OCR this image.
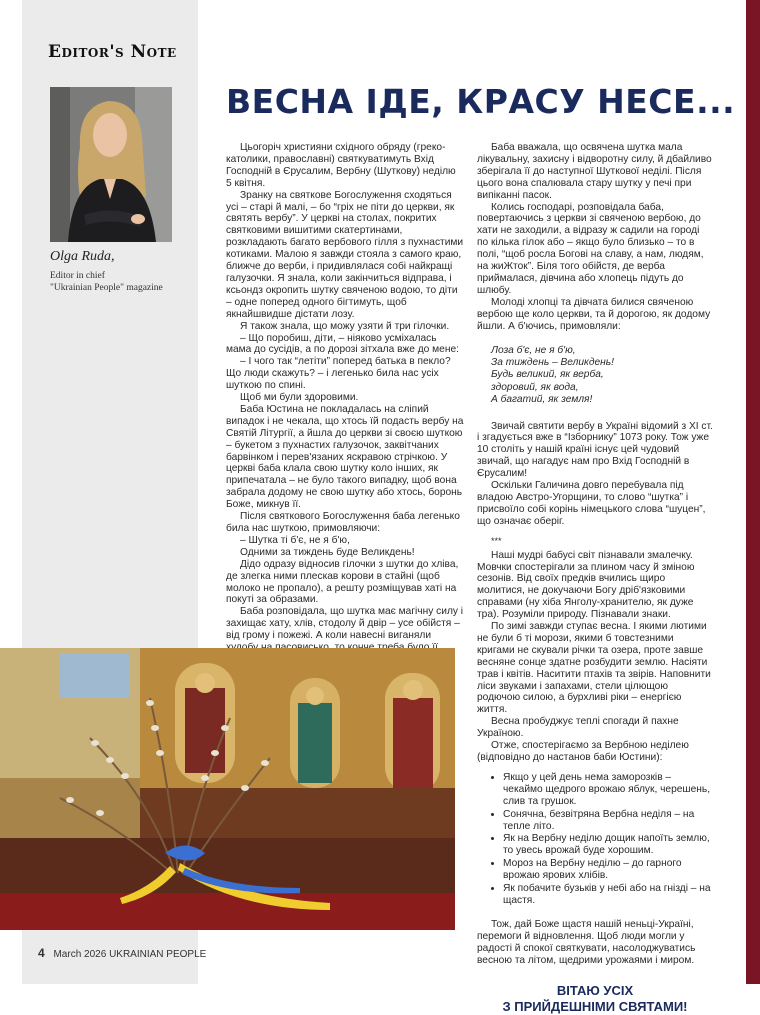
Editor's Note
Olga Ruda,
Editor in chief
"Ukrainian People" magazine
ВЕСНА ІДЕ, КРАСУ НЕСЕ...

Цьогоріч християни східного обряду (греко-католики, православні) святкуватимуть Вхід Господній в Єрусалим, Вербну (Шуткову) неділю 5 квітня.

Зранку на святкове Богослуження сходяться усі – старі й малі, – бо “гріх не піти до церкви, як святять вербу”. У церкві на столах, покритих святковими вишитими скатертинами, розкладають багато вербового гілля з пухнастими котиками. Малою я завжди стояла з самого краю, ближче до верби, і придивлялася собі найкращі галузочки. Я знала, коли закінчиться відправа, і ксьондз окропить шутку свяченою водою, то діти – одне поперед одного бігтимуть, щоб якнайшвидше дістати лозу.

Я також знала, що можу узяти й три гілочки.

– Що поробиш, діти, – ніяково усміхалась мама до сусідів, а по дорозі зітхала вже до мене:

– І чого так “летіти” поперед батька в пекло? Що люди скажуть? – і легенько била нас усіх шуткою по спині.

Щоб ми були здоровими.

Баба Юстина не покладалась на сліпий випадок і не чекала, що хтось їй подасть вербу на Святій Літургії, а йшла до церкви зі своєю шуткою – букетом з пухнастих галузочок, заквітчаних барвінком і перев'язаних яскравою стрічкою. У церкві баба клала свою шутку коло інших, як припечатала – не було такого випадку, щоб вона забрала додому не свою шутку або хтось, боронь Боже, микнув її.

Після святкового Богослуження баба легенько била нас шуткою, примовляючи:

– Шутка ті б'є, не я б'ю,

Одними за тиждень буде Великдень!

Дідо одразу відносив гілочки з шутки до хліва, де злегка ними плескав корови в стайні (щоб молоко не пропало), а решту розміщував хаті на покуті за образами.

Баба розповідала, що шутка має магічну силу і захищає хату, хлів, стодолу й двір – усе обійстя – від грому і пожежі. А коли навесні виганяли

Баба вважала, що освячена шутка мала лікувальну, захисну і відворотну силу, й дбайливо зберігала її до наступної Шуткової неділі. Після цього вона спалювала стару шутку у печі при випіканні пасок.

Колись господарі, розповідала баба, повертаючись з церкви зі свяченою вербою, до хати не заходили, а відразу ж садили на городі по кілька гілок або – якщо було близько – то в полі, “щоб росла Богові на славу, а нам, людям, на жиЖток”. Біля того обійстя, де верба приймалася, дівчина або хлопець підуть до шлюбу.

Молоді хлопці та дівчата билися свяченою вербою ще коло церкви, та й дорогою, як додому йшли. А б'ючись, примовляли:

Лоза б'є, не я б'ю,
За тиждень – Великдень!
Будь великий, як верба,
здоровий, як вода,
А багатий, як земля!

Звичай святити вербу в Україні відомий з XI ст. і згадується вже в “Ізборнику” 1073 року. Тож уже 10 століть у нашій країні існує цей чудовий звичай, що нагадує нам про Вхід Господній в Єрусалим!

Оскільки Галичина довго перебувала під владою Австро-Угорщини, то слово “шутка” і присвоїло собі корінь німецького слова “шуцен”, що означає оберіг.

***

Наші мудрі бабусі світ пізнавали змалечку. Мовчки спостерігали за плином часу й зміною сезонів. Від своїх предків вчились щиро молитися, не докучаючи Богу дріб'язковими справами (ну хіба Янголу-хранителю, як дуже тра). Розуміли природу. Пізнавали знаки.

По зимі завжди ступає весна. І якими лютими не були б ті морози, якими б товстезними кригами не скували річки та озера, проте завше весняне сонце здатне розбудити землю. Насіяти трав і квітів. Наситити птахів та звірів. Наповнити ліси звуками і запахами, стели цілющою родючою силою, а бурхливі ріки – енергією життя.

Весна пробуджує теплі спогади й пахне Україною.

Отже, спостерігаємо за Вербною неділею (відповідно до настанов баби Юстини):

• Якщо у цей день нема заморозків – чекаймо щедрого врожаю яблук, черешень, слив та грушок.
• Сонячна, безвітряна Вербна неділя – на тепле літо.
• Як на Вербну неділю дощик напоїть землю, то увесь врожай буде хорошим.
• Мороз на Вербну неділю – до гарного врожаю ярових хлібів.
• Як побачите бузьків у небі або на гнізді – на щастя.

Тож, дай Боже щастя нашій неньці-Україні, перемоги й відновлення. Щоб люди могли у радості й спокої святкувати, насолоджуватись весною та літом, щедрими урожаями і миром.

ВІТАЮ УСІХ
З ПРИЙДЕШНІМИ СВЯТАМИ!
4 March 2026 UKRAINIAN PEOPLE
